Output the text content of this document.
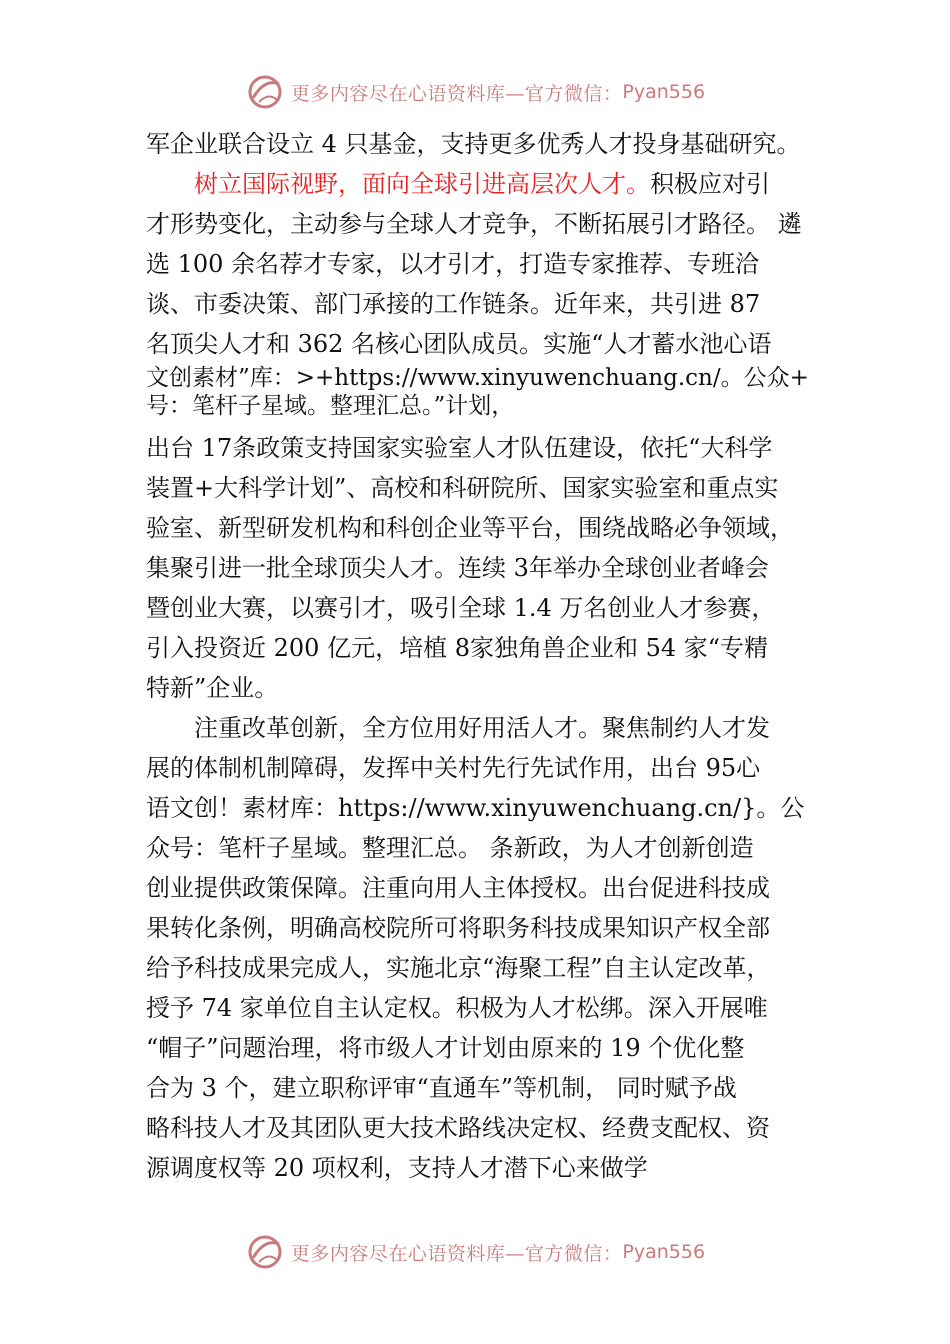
更多内容尽在心语资料库—官方微信： Pyan556
军企业联合设立 4 只基金，支持更多优秀人才投身基础研究。
树立国际视野，面向全球引进高层次人才。积极应对引
才形势变化，主动参与全球人才竞争，不断拓展引才路径。 遴
选 100 余名荐才专家，以才引才，打造专家推荐、专班洽
谈、市委决策、部门承接的工作链条。近年来，共引进 87
名顶尖人才和 362 名核心团队成员。实施“人才蓄水池心语
文创素材”库：>+https://www.xinyuwenchuang.cn/。公众+
号：笔杆子星域。整理汇总。”计划，
出台 17条政策支持国家实验室人才队伍建设，依托“大科学
装置+大科学计划”、高校和科研院所、国家实验室和重点实
验室、新型研发机构和科创企业等平台，围绕战略必争领域，
集聚引进一批全球顶尖人才。连续 3年举办全球创业者峰会
暨创业大赛，以赛引才，吸引全球 1.4 万名创业人才参赛，
引入投资近 200 亿元，培植 8家独角兽企业和 54 家“专精
特新”企业。
注重改革创新，全方位用好用活人才。聚焦制约人才发
展的体制机制障碍，发挥中关村先行先试作用，出台 95心
语文创！素材库：https://www.xinyuwenchuang.cn/}。公
众号：笔杆子星域。整理汇总。 条新政，为人才创新创造
创业提供政策保障。注重向用人主体授权。出台促进科技成
果转化条例，明确高校院所可将职务科技成果知识产权全部
给予科技成果完成人，实施北京“海聚工程”自主认定改革，
授予 74 家单位自主认定权。积极为人才松绑。深入开展唯
“帽子”问题治理，将市级人才计划由原来的 19 个优化整
合为 3 个，建立职称评审“直通车”等机制， 同时赋予战
略科技人才及其团队更大技术路线决定权、经费支配权、资
源调度权等 20 项权利，支持人才潜下心来做学
更多内容尽在心语资料库—官方微信： Pyan556
